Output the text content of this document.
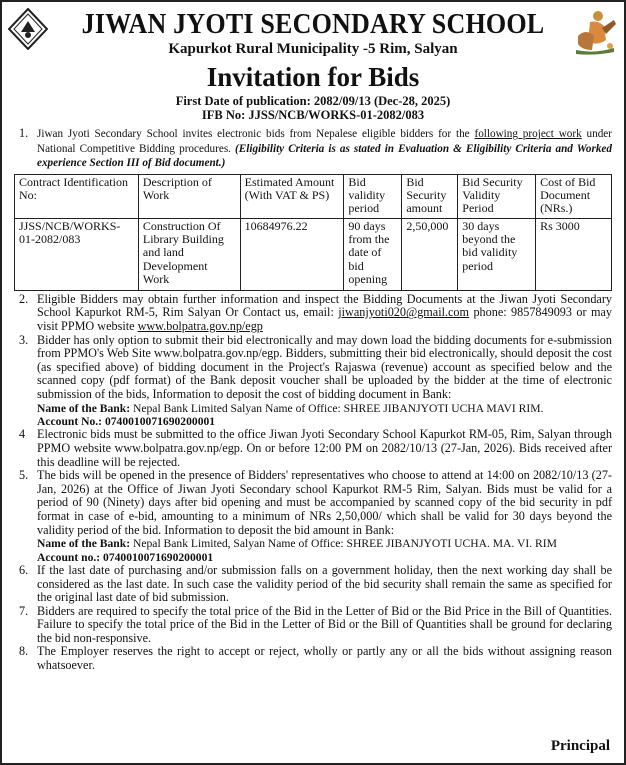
JIWAN JYOTI SECONDARY SCHOOL
Kapurkot Rural Municipality -5 Rim, Salyan
Invitation for Bids
First Date of publication: 2082/09/13 (Dec-28, 2025)
IFB No: JJSS/NCB/WORKS-01-2082/083
1. Jiwan Jyoti Secondary School invites electronic bids from Nepalese eligible bidders for the following project work under National Competitive Bidding procedures. (Eligibility Criteria is as stated in Evaluation & Eligibility Criteria and Worked experience Section III of Bid document.)
Contract Identification No:	Description of Work	Estimated Amount (With VAT & PS)	Bid validity period	Bid Security amount	Bid Security Validity Period	Cost of Bid Document (NRs.)
JJSS/NCB/WORKS-01-2082/083	Construction Of Library Building and land Development Work	10684976.22	90 days from the date of bid opening	2,50,000	30 days beyond the bid validity period	Rs 3000
2. Eligible Bidders may obtain further information and inspect the Bidding Documents at the Jiwan Jyoti Secondary School Kapurkot RM-5, Rim Salyan Or Contact us, email: jiwanjyoti020@gmail.com phone: 9857849093 or may visit PPMO website www.bolpatra.gov.np/egp
3. Bidder has only option to submit their bid electronically and may down load the bidding documents for e-submission from PPMO's Web Site www.bolpatra.gov.np/egp. Bidders, submitting their bid electronically, should deposit the cost (as specified above) of bidding document in the Project's Rajaswa (revenue) account as specified below and the scanned copy (pdf format) of the Bank deposit voucher shall be uploaded by the bidder at the time of electronic submission of the bids, Information to deposit the cost of bidding document in Bank:
Name of the Bank: Nepal Bank Limited Salyan Name of Office: SHREE JIBANJYOTI UCHA MAVI RIM.
Account No.: 0740010071690200001
4 Electronic bids must be submitted to the office Jiwan Jyoti Secondary School Kapurkot RM-05, Rim, Salyan through PPMO website www.bolpatra.gov.np/egp. On or before 12:00 PM on 2082/10/13 (27-Jan, 2026). Bids received after this deadline will be rejected.
5. The bids will be opened in the presence of Bidders' representatives who choose to attend at 14:00 on 2082/10/13 (27-Jan, 2026) at the Office of Jiwan Jyoti Secondary school Kapurkot RM-5 Rim, Salyan. Bids must be valid for a period of 90 (Ninety) days after bid opening and must be accompanied by scanned copy of the bid security in pdf format in case of e-bid, amounting to a minimum of NRs 2,50,000/ which shall be valid for 30 days beyond the validity period of the bid. Information to deposit the bid amount in Bank:
Name of the Bank: Nepal Bank Limited, Salyan Name of Office: SHREE JIBANJYOTI UCHA. MA. VI. RIM
Account no.: 0740010071690200001
6. If the last date of purchasing and/or submission falls on a government holiday, then the next working day shall be considered as the last date. In such case the validity period of the bid security shall remain the same as specified for the original last date of bid submission.
7. Bidders are required to specify the total price of the Bid in the Letter of Bid or the Bid Price in the Bill of Quantities. Failure to specify the total price of the Bid in the Letter of Bid or the Bill of Quantities shall be ground for declaring the bid non-responsive.
8. The Employer reserves the right to accept or reject, wholly or partly any or all the bids without assigning reason whatsoever.
Principal
